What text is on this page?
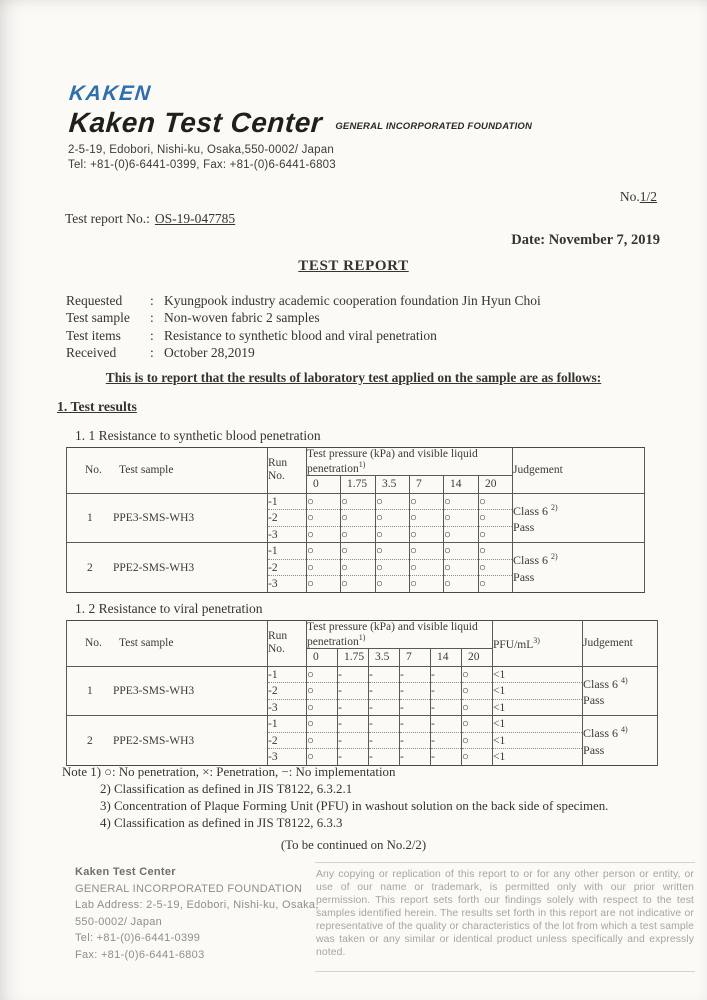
KAKEN
Kaken Test Center GENERAL INCORPORATED FOUNDATION
2-5-19, Edobori, Nishi-ku, Osaka,550-0002/ Japan
Tel: +81-(0)6-6441-0399, Fax: +81-(0)6-6441-6803
No.1/2
Test report No.: OS-19-047785
Date: November 7, 2019
TEST REPORT
Requested	: Kyungpook industry academic cooperation foundation Jin Hyun Choi
Test sample	: Non-woven fabric 2 samples
Test items	: Resistance to synthetic blood and viral penetration
Received	: October 28,2019
This is to report that the results of laboratory test applied on the sample are as follows:
1. Test results
1. 1 Resistance to synthetic blood penetration
No. Test sample	Run
No.	Test pressure (kPa) and visible liquid penetration$^{1)}$						Judgement
		0	1.75	3.5	7	14	20	
1 PPE3-SMS-WH3	-1	○	○	○	○	○	○	Class 6 $^{2)}$
Pass
	-2	○	○	○	○	○	○	
	-3	○	○	○	○	○	○	
2 PPE2-SMS-WH3	-1	○	○	○	○	○	○	Class 6 $^{2)}$
Pass
	-2	○	○	○	○	○	○	
	-3	○	○	○	○	○	○	
1. 2 Resistance to viral penetration
No. Test sample	Run
No.	Test pressure (kPa) and visible liquid penetration$^{1)}$						PFU/$mL^{3)}$	Judgement
		0	1.75	3.5	7	14	20		
1 PPE3-SMS-WH3	-1	○	-	-	-	-	○	<1	Class 6 $^{4)}$
Pass
	-2	○	-	-	-	-	○	<1	
	-3	○	-	-	-	-	○	<1	
2 PPE2-SMS-WH3	-1	○	-	-	-	-	○	<1	Class 6 $^{4)}$
Pass
	-2	○	-	-	-	-	○	<1	
	-3	○	-	-	-	-	○	<1	
Note 1) ○: No penetration, ×: Penetration, −: No implementation
2) Classification as defined in JIS T8122, 6.3.2.1
3) Concentration of Plaque Forming Unit (PFU) in washout solution on the back side of specimen.
4) Classification as defined in JIS T8122, 6.3.3
(To be continued on No.2/2)
Kaken Test Center
GENERAL INCORPORATED FOUNDATION
Lab Address: 2-5-19, Edobori, Nishi-ku, Osaka,
550-0002/ Japan
Tel: +81-(0)6-6441-0399
Fax: +81-(0)6-6441-6803
Any copying or replication of this report to or for any other person or entity, or use of our name or trademark, is permitted only with our prior written permission. This report sets forth our findings solely with respect to the test samples identified herein. The results set forth in this report are not indicative or representative of the quality or characteristics of the lot from which a test sample was taken or any similar or identical product unless specifically and expressly noted.
